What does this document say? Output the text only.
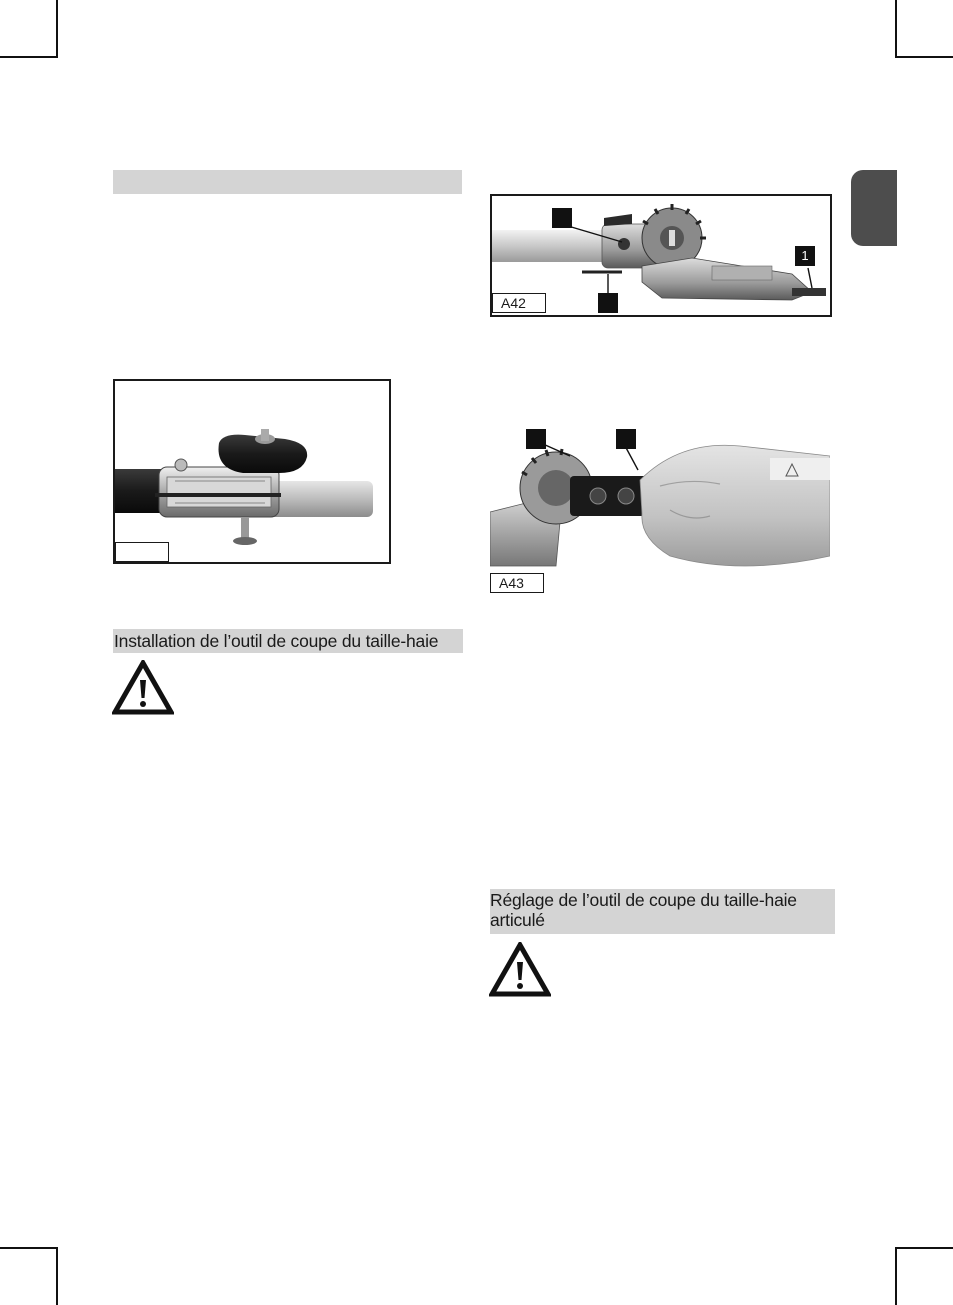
Installation de l’outil de coupe du taille-haie
1
A42
A43
Réglage de l’outil de coupe du taille-haie articulé
